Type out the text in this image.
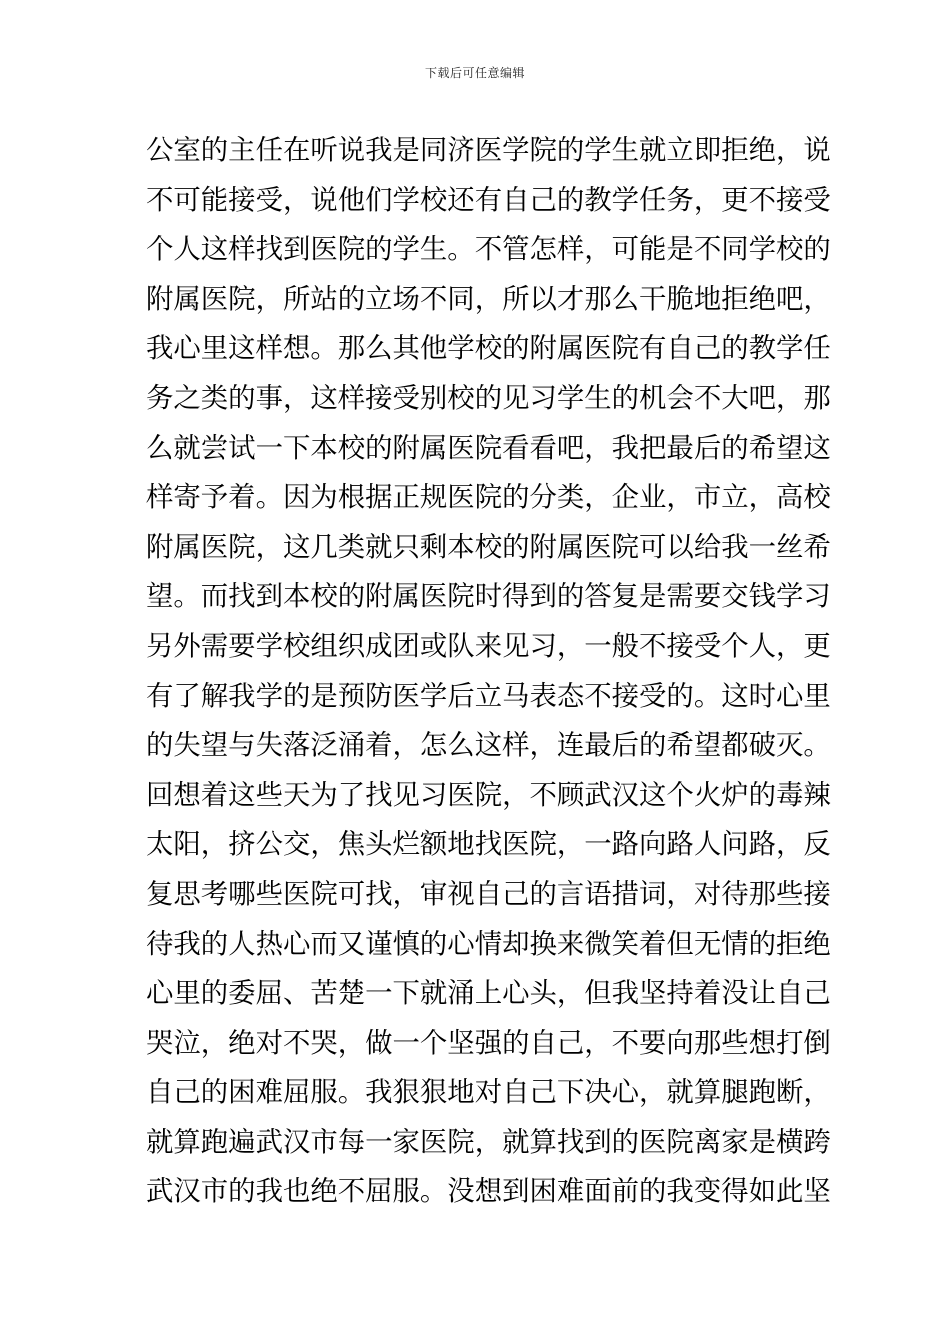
下载后可任意编辑
公室的主任在听说我是同济医学院的学生就立即拒绝，说
不可能接受，说他们学校还有自己的教学任务，更不接受
个人这样找到医院的学生。不管怎样，可能是不同学校的
附属医院，所站的立场不同，所以才那么干脆地拒绝吧，
我心里这样想。那么其他学校的附属医院有自己的教学任
务之类的事，这样接受别校的见习学生的机会不大吧，那
么就尝试一下本校的附属医院看看吧，我把最后的希望这
样寄予着。因为根据正规医院的分类，企业，市立，高校
附属医院，这几类就只剩本校的附属医院可以给我一丝希
望。而找到本校的附属医院时得到的答复是需要交钱学习
另外需要学校组织成团或队来见习，一般不接受个人，更
有了解我学的是预防医学后立马表态不接受的。这时心里
的失望与失落泛涌着，怎么这样，连最后的希望都破灭。
回想着这些天为了找见习医院，不顾武汉这个火炉的毒辣
太阳，挤公交，焦头烂额地找医院，一路向路人问路，反
复思考哪些医院可找，审视自己的言语措词，对待那些接
待我的人热心而又谨慎的心情却换来微笑着但无情的拒绝
心里的委屈、苦楚一下就涌上心头，但我坚持着没让自己
哭泣，绝对不哭，做一个坚强的自己，不要向那些想打倒
自己的困难屈服。我狠狠地对自己下决心，就算腿跑断，
就算跑遍武汉市每一家医院，就算找到的医院离家是横跨
武汉市的我也绝不屈服。没想到困难面前的我变得如此坚
